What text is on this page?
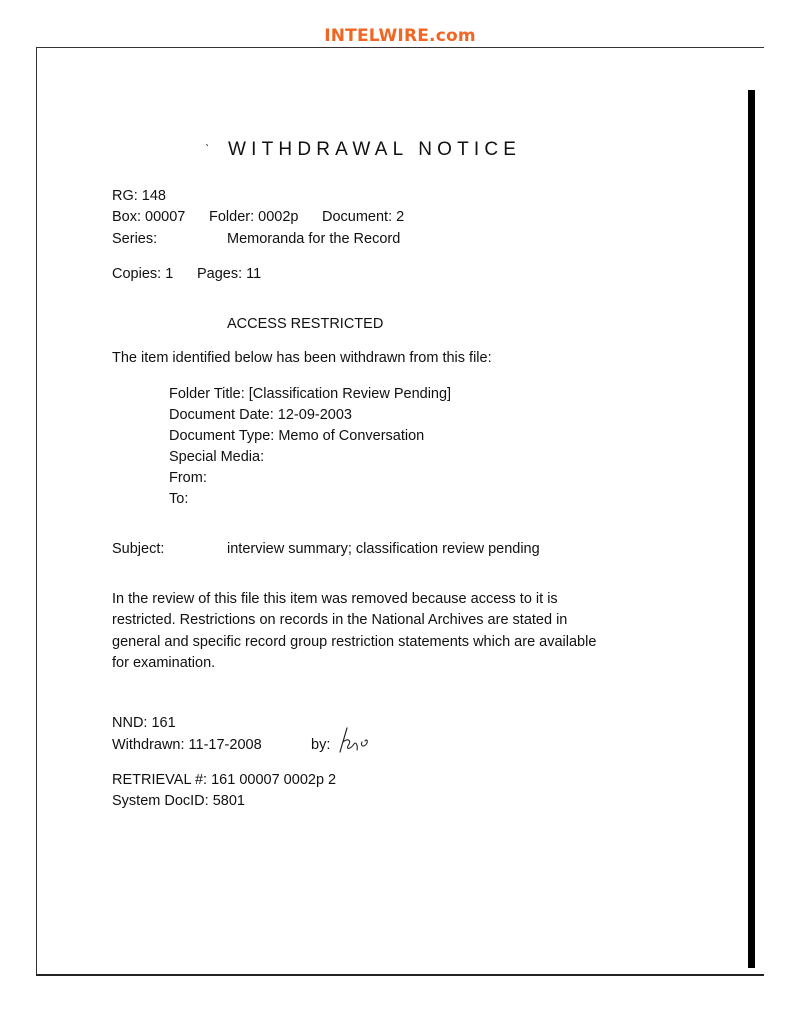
INTELWIRE.com
WITHDRAWAL NOTICE
RG: 148
Box: 00007 Folder: 0002p Document: 2
Series:	Memoranda for the Record
Copies: 1 Pages: 11
ACCESS RESTRICTED
The item identified below has been withdrawn from this file:
Folder Title: [Classification Review Pending]
Document Date: 12-09-2003
Document Type: Memo of Conversation
Special Media:
From:
To:
Subject:	interview summary; classification review pending

In the review of this file this item was removed because access to it is

restricted. Restrictions on records in the National Archives are stated in

general and specific record group restriction statements which are available

for examination.

NND: 161
Withdrawn: 11-17-2008	by:
RETRIEVAL #: 161 00007 0002p 2
System DocID: 5801
